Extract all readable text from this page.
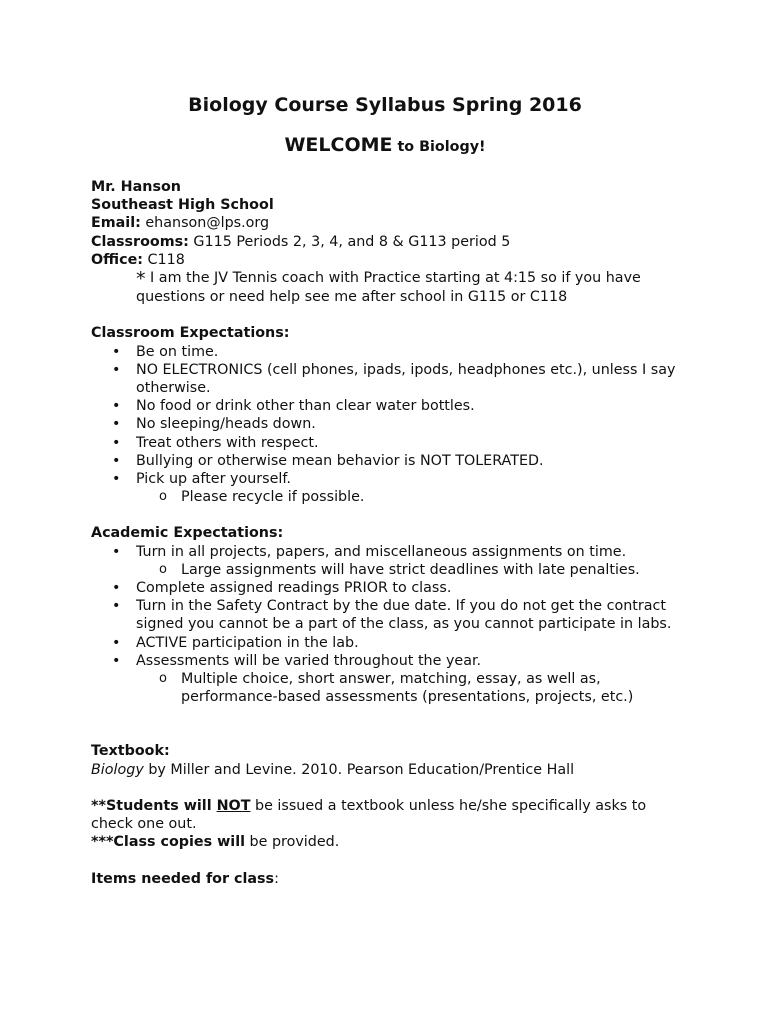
Biology Course Syllabus Spring 2016
WELCOME to Biology!
Mr. Hanson
Southeast High School
Email: ehanson@lps.org
Classrooms: G115 Periods 2, 3, 4, and 8 & G113 period 5
Office: C118
* I am the JV Tennis coach with Practice starting at 4:15 so if you have questions or need help see me after school in G115 or C118
Classroom Expectations:
• Be on time.
• NO ELECTRONICS (cell phones, ipads, ipods, headphones etc.), unless I say otherwise.
• No food or drink other than clear water bottles.
• No sleeping/heads down.
• Treat others with respect.
• Bullying or otherwise mean behavior is NOT TOLERATED.
• Pick up after yourself.
o Please recycle if possible.
Academic Expectations:
• Turn in all projects, papers, and miscellaneous assignments on time.
o Large assignments will have strict deadlines with late penalties.
• Complete assigned readings PRIOR to class.
• Turn in the Safety Contract by the due date. If you do not get the contract signed you cannot be a part of the class, as you cannot participate in labs.
• ACTIVE participation in the lab.
• Assessments will be varied throughout the year.
o Multiple choice, short answer, matching, essay, as well as, performance-based assessments (presentations, projects, etc.)
Textbook:
Biology by Miller and Levine. 2010. Pearson Education/Prentice Hall
**Students will NOT be issued a textbook unless he/she specifically asks to check one out.
***Class copies will be provided.
Items needed for class:
